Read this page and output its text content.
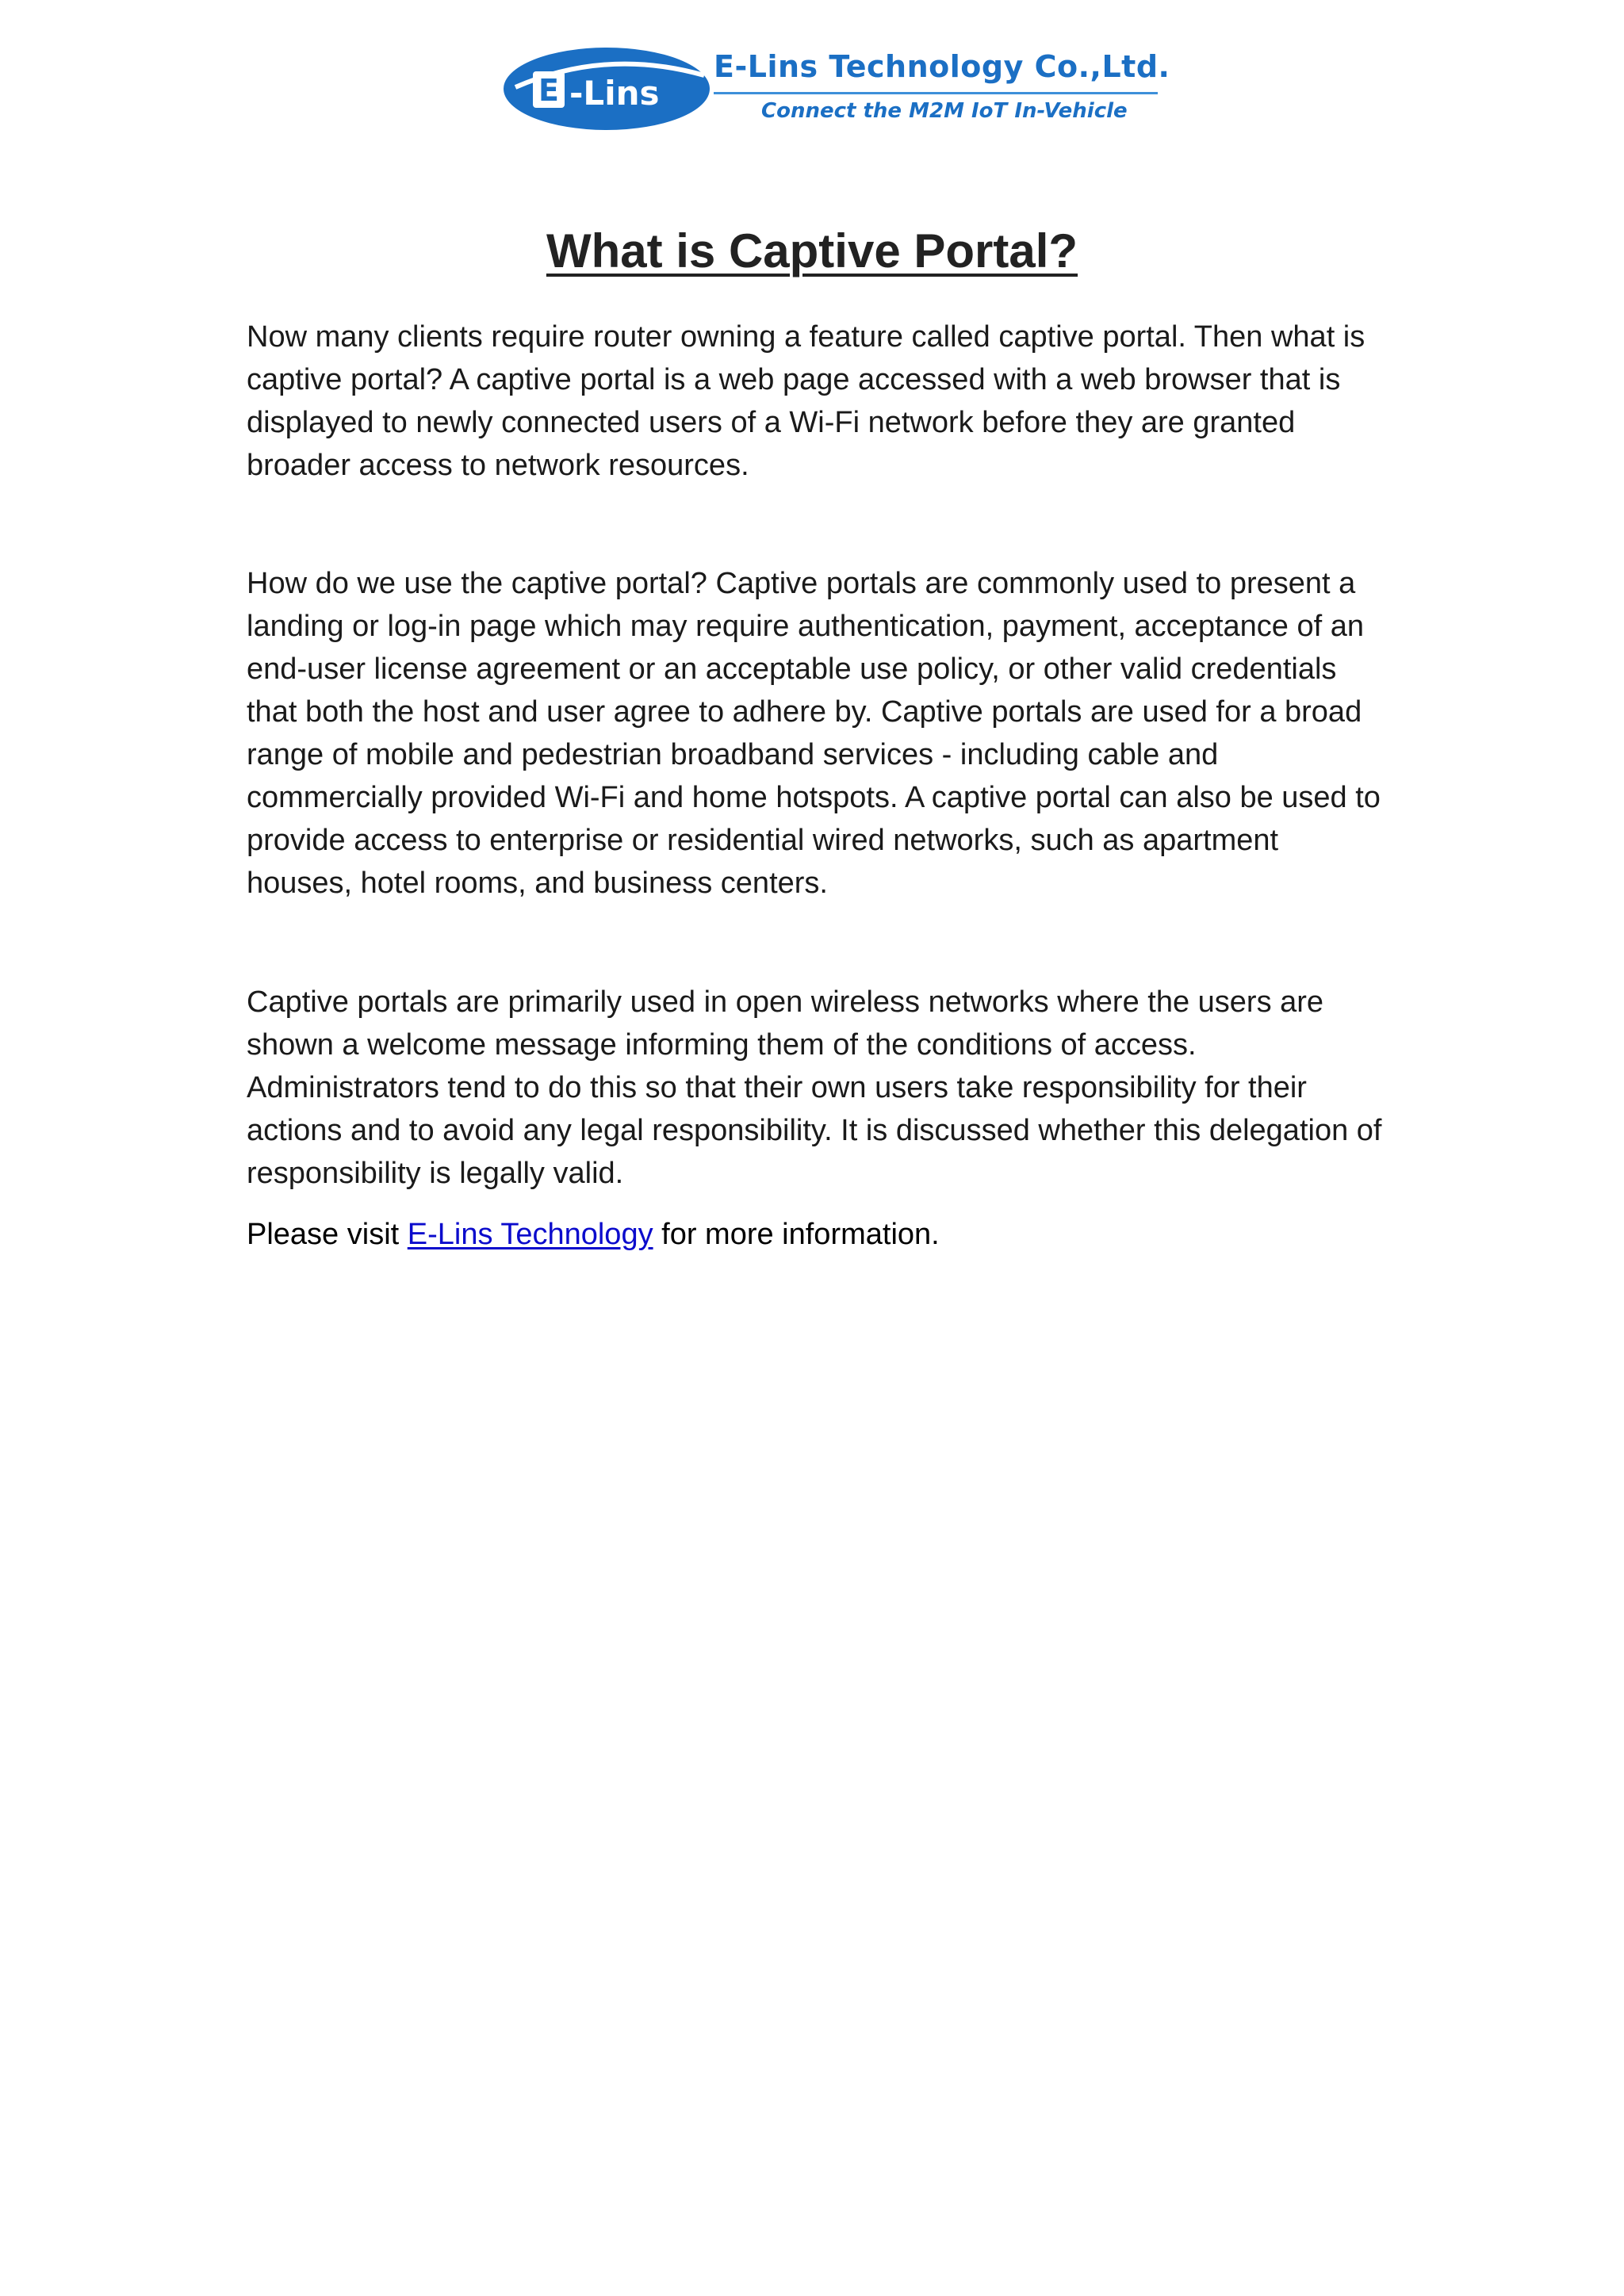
E -Lins
E-Lins Technology Co.,Ltd.
Connect the M2M IoT In-Vehicle
What is Captive Portal?

Now many clients require router owning a feature called captive portal. Then what is captive portal? A captive portal is a web page accessed with a web browser that is displayed to newly connected users of a Wi-Fi network before they are granted broader access to network resources.

How do we use the captive portal? Captive portals are commonly used to present a landing or log-in page which may require authentication, payment, acceptance of an end-user license agreement or an acceptable use policy, or other valid credentials that both the host and user agree to adhere by. Captive portals are used for a broad range of mobile and pedestrian broadband services - including cable and commercially provided Wi-Fi and home hotspots. A captive portal can also be used to provide access to enterprise or residential wired networks, such as apartment houses, hotel rooms, and business centers.

Captive portals are primarily used in open wireless networks where the users are shown a welcome message informing them of the conditions of access. Administrators tend to do this so that their own users take responsibility for their actions and to avoid any legal responsibility. It is discussed whether this delegation of responsibility is legally valid.

Please visit E-Lins Technology for more information.
